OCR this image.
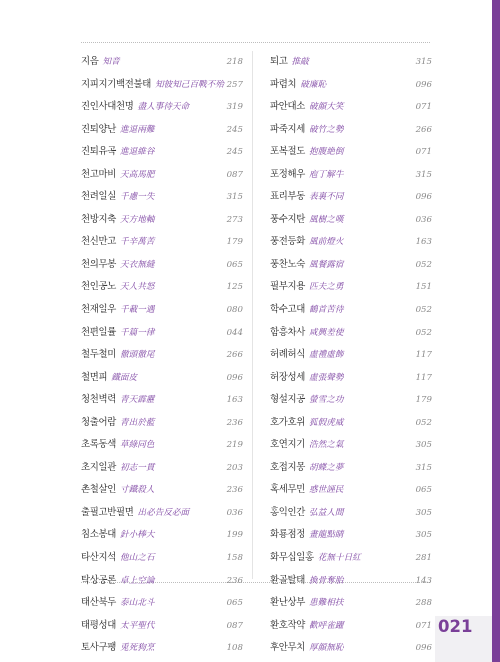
지음 知音	218
지피지기백전불태 知彼知己百戰不殆 257
진인사대천명 盡人事待天命	319
진퇴양난 進退兩難	245
진퇴유곡 進退維谷	245
천고마비 天高馬肥	087
천려일실 千慮一失	315
천방지축 天方地軸	273
천신만고 千辛萬苦	179
천의무봉 天衣無縫	065
천인공노 天人共怒	125
천재일우 千載一遇	080
천편일률 千篇一律	044
철두철미 徹頭徹尾	266
철면피 鐵面皮	096
청천벽력 青天霹靂	163
청출어람 青出於藍	236
초록동색 草綠同色	219
초지일관 初志一貫	203
촌철살인 寸鐵殺人	236
출필고반필면 出必告反必面	036
침소봉대 針小棒大	199
타산지석 他山之石	158
탁상공론 卓上空論	236
태산북두 泰山北斗	065
태평성대 太平聖代	087
토사구팽 兎死狗烹	108
퇴고 推敲	315
파렴치 破廉恥	096
파안대소 破顔大笑	071
파죽지세 破竹之勢	266
포복절도 抱腹絶倒	071
포정해우 庖丁解牛	315
표리부동 表裏不同	096
풍수지탄 風樹之嘆	036
풍전등화 風前燈火	163
풍찬노숙 風餐露宿	052
필부지용 匹夫之勇	151
학수고대 鶴首苦待	052
함흥차사 咸興差使	052
허례허식 虛禮虛飾	117
허장성세 虛張聲勢	117
형설지공 螢雪之功	179
호가호위 狐假虎威	052
호연지기 浩然之氣	305
호접지몽 胡蝶之夢	315
혹세무민 惑世誣民	065
홍익인간 弘益人間	305
화룡점정 畫龍點睛	305
화무십일홍 花無十日紅	281
환골탈태 換骨奪胎	143
환난상부 患難相扶	288
환호작약 歡呼雀躍	071
후안무치 厚顔無恥	096
021
